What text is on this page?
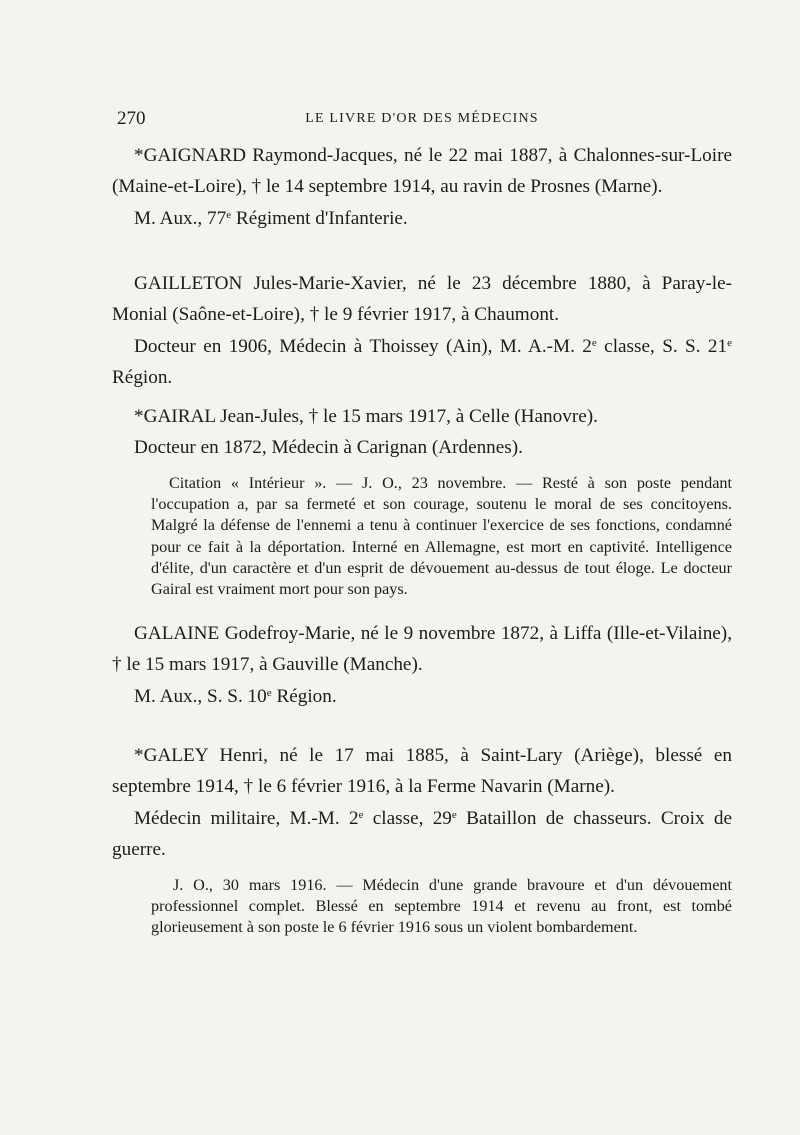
270	LE LIVRE D'OR DES MÉDECINS

*GAIGNARD Raymond-Jacques, né le 22 mai 1887, à Chalonnes-sur-Loire (Maine-et-Loire), † le 14 septembre 1914, au ravin de Prosnes (Marne).

M. Aux., 77e Régiment d'Infanterie.

GAILLETON Jules-Marie-Xavier, né le 23 décembre 1880, à Paray-le-Monial (Saône-et-Loire), † le 9 février 1917, à Chaumont.

Docteur en 1906, Médecin à Thoissey (Ain), M. A.-M. 2e classe, S. S. 21e Région.

*GAIRAL Jean-Jules, † le 15 mars 1917, à Celle (Hanovre).

Docteur en 1872, Médecin à Carignan (Ardennes).

Citation « Intérieur ». — J. O., 23 novembre. — Resté à son poste pendant l'occupation a, par sa fermeté et son courage, soutenu le moral de ses concitoyens. Malgré la défense de l'ennemi a tenu à continuer l'exercice de ses fonctions, condamné pour ce fait à la déportation. Interné en Allemagne, est mort en captivité. Intelligence d'élite, d'un caractère et d'un esprit de dévouement au-dessus de tout éloge. Le docteur Gairal est vraiment mort pour son pays.

GALAINE Godefroy-Marie, né le 9 novembre 1872, à Liffa (Ille-et-Vilaine), † le 15 mars 1917, à Gauville (Manche).

M. Aux., S. S. 10e Région.

*GALEY Henri, né le 17 mai 1885, à Saint-Lary (Ariège), blessé en septembre 1914, † le 6 février 1916, à la Ferme Navarin (Marne).

Médecin militaire, M.-M. 2e classe, 29e Bataillon de chasseurs. Croix de guerre.

J. O., 30 mars 1916. — Médecin d'une grande bravoure et d'un dévouement professionnel complet. Blessé en septembre 1914 et revenu au front, est tombé glorieusement à son poste le 6 février 1916 sous un violent bombardement.
